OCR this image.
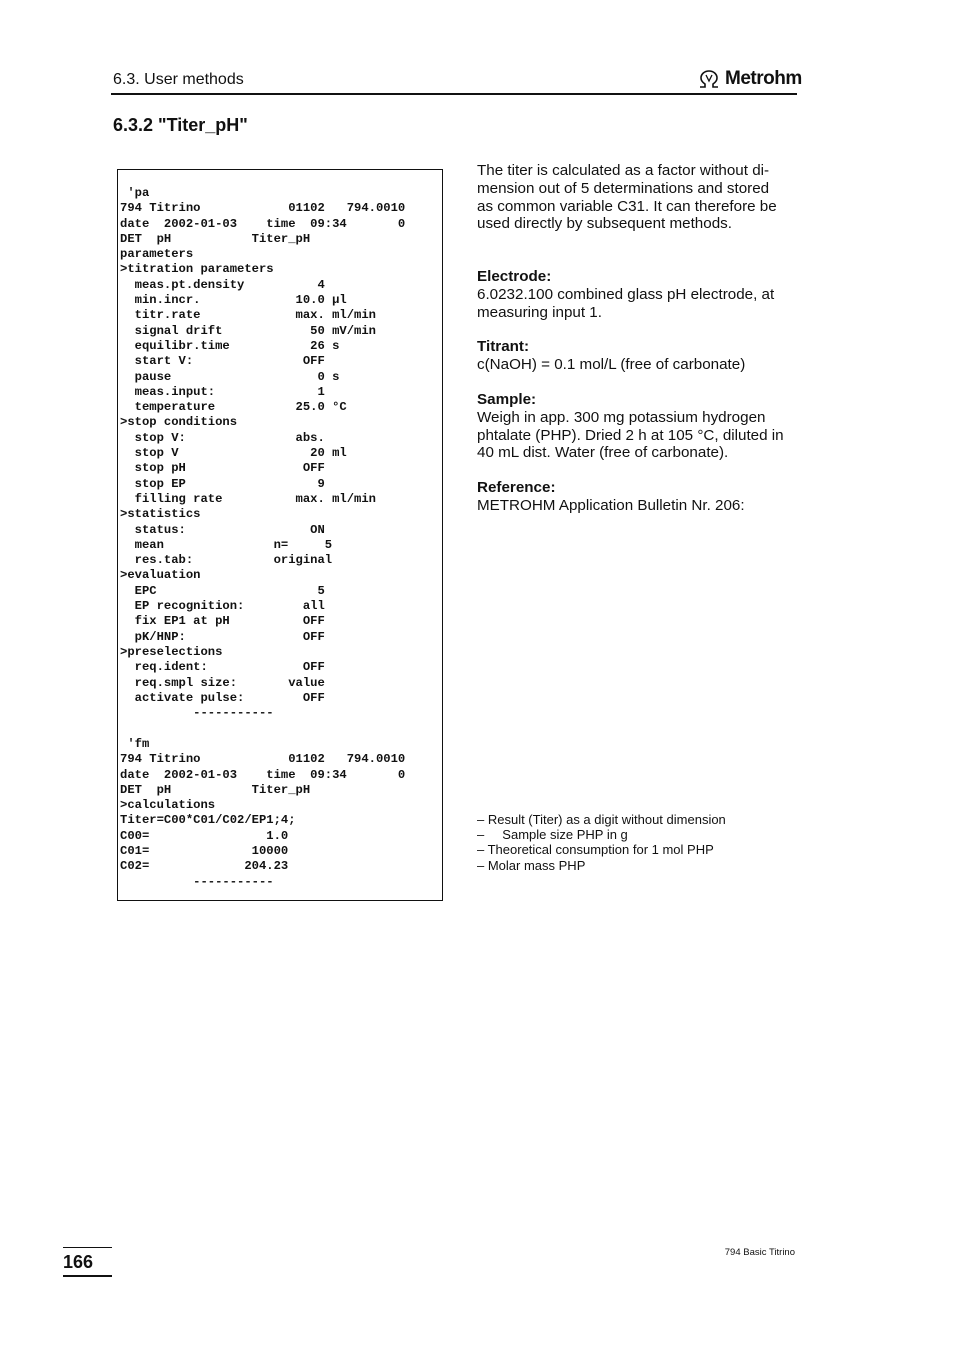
6.3. User methods	Metrohm
6.3.2 "Titer_pH"
'pa
794 Titrino            01102   794.0010
date  2002-01-03    time  09:34       0
DET  pH           Titer_pH
parameters
>titration parameters
meas.pt.density          4
min.incr.             10.0 µl
titr.rate             max. ml/min
signal drift            50 mV/min
equilibr.time           26 s
start V:               OFF
pause                    0 s
meas.input:              1
temperature           25.0 °C
>stop conditions
stop V:               abs.
stop V                  20 ml
stop pH                OFF
stop EP                  9
filling rate          max. ml/min
>statistics
status:                 ON
mean               n=     5
res.tab:           original
>evaluation
EPC                      5
EP recognition:        all
fix EP1 at pH          OFF
pK/HNP:                OFF
>preselections
req.ident:             OFF
req.smpl size:       value
activate pulse:        OFF
-----------
'fm
794 Titrino            01102   794.0010
date  2002-01-03    time  09:34       0
DET  pH           Titer_pH
>calculations
Titer=C00*C01/C02/EP1;4;
C00=                1.0
C01=              10000
C02=             204.23
-----------

The titer is calculated as a factor without di-
mension out of 5 determinations and stored
as common variable C31. It can therefore be
used directly by subsequent methods.

Electrode:

6.0232.100 combined glass pH electrode, at
measuring input 1.

Titrant:

c(NaOH) = 0.1 mol/L (free of carbonate)

Sample:

Weigh in app. 300 mg potassium hydrogen
phtalate (PHP). Dried 2 h at 105 °C, diluted in
40 mL dist. Water (free of carbonate).

Reference:

METROHM Application Bulletin Nr. 206:

– Result (Titer) as a digit without dimension
–     Sample size PHP in g
– Theoretical consumption for 1 mol PHP
– Molar mass PHP
166	794 Basic Titrino
